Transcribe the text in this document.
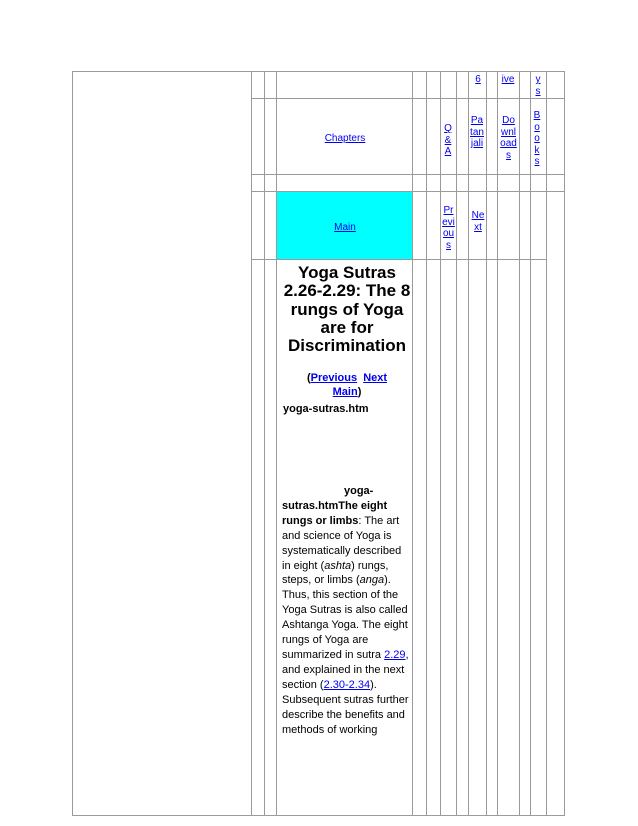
6	ive	ys
Chapters
Q&A
Patanjali
Downloads
Books
Main
Previous
Next
Yoga Sutras 2.26-2.29: The 8 rungs of Yoga are for Discrimination
(Previous Next
Main)
yoga-sutras.htm
yoga-sutras.htmThe eight rungs or limbs: The art and science of Yoga is systematically described in eight (ashta) rungs, steps, or limbs (anga). Thus, this section of the Yoga Sutras is also called Ashtanga Yoga. The eight rungs of Yoga are summarized in sutra 2.29, and explained in the next section (2.30-2.34). Subsequent sutras further describe the benefits and methods of working
